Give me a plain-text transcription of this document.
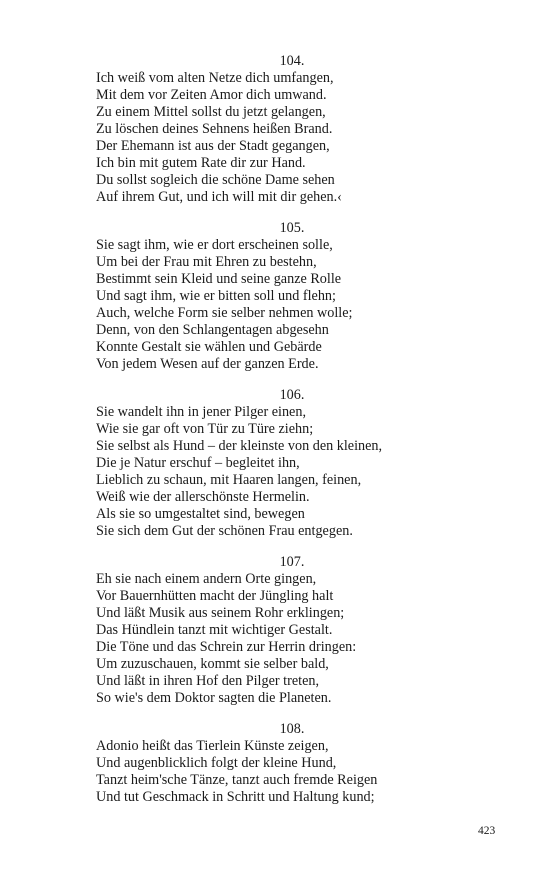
104.
Ich weiß vom alten Netze dich umfangen,
Mit dem vor Zeiten Amor dich umwand.
Zu einem Mittel sollst du jetzt gelangen,
Zu löschen deines Sehnens heißen Brand.
Der Ehemann ist aus der Stadt gegangen,
Ich bin mit gutem Rate dir zur Hand.
Du sollst sogleich die schöne Dame sehen
Auf ihrem Gut, und ich will mit dir gehen.‹
105.
Sie sagt ihm, wie er dort erscheinen solle,
Um bei der Frau mit Ehren zu bestehn,
Bestimmt sein Kleid und seine ganze Rolle
Und sagt ihm, wie er bitten soll und flehn;
Auch, welche Form sie selber nehmen wolle;
Denn, von den Schlangentagen abgesehn
Konnte Gestalt sie wählen und Gebärde
Von jedem Wesen auf der ganzen Erde.
106.
Sie wandelt ihn in jener Pilger einen,
Wie sie gar oft von Tür zu Türe ziehn;
Sie selbst als Hund – der kleinste von den kleinen,
Die je Natur erschuf – begleitet ihn,
Lieblich zu schaun, mit Haaren langen, feinen,
Weiß wie der allerschönste Hermelin.
Als sie so umgestaltet sind, bewegen
Sie sich dem Gut der schönen Frau entgegen.
107.
Eh sie nach einem andern Orte gingen,
Vor Bauernhütten macht der Jüngling halt
Und läßt Musik aus seinem Rohr erklingen;
Das Hündlein tanzt mit wichtiger Gestalt.
Die Töne und das Schrein zur Herrin dringen:
Um zuzuschauen, kommt sie selber bald,
Und läßt in ihren Hof den Pilger treten,
So wie's dem Doktor sagten die Planeten.
108.
Adonio heißt das Tierlein Künste zeigen,
Und augenblicklich folgt der kleine Hund,
Tanzt heim'sche Tänze, tanzt auch fremde Reigen
Und tut Geschmack in Schritt und Haltung kund;
423
